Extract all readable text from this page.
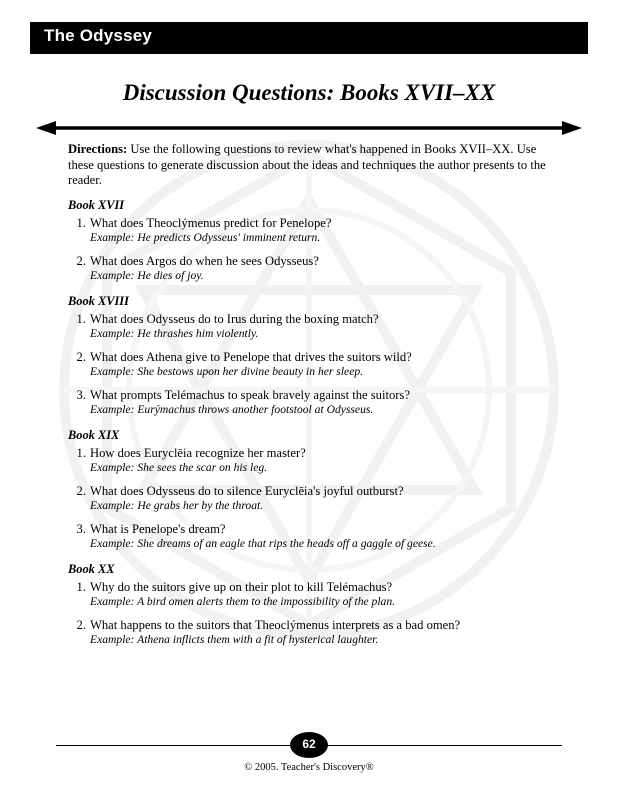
The Odyssey
Discussion Questions: Books XVII–XX
Directions: Use the following questions to review what's happened in Books XVII–XX. Use these questions to generate discussion about the ideas and techniques the author presents to the reader.
Book XVII
1. What does Theoclýmenus predict for Penelope?
Example: He predicts Odysseus' imminent return.
2. What does Argos do when he sees Odysseus?
Example: He dies of joy.
Book XVIII
1. What does Odysseus do to Irus during the boxing match?
Example: He thrashes him violently.
2. What does Athena give to Penelope that drives the suitors wild?
Example: She bestows upon her divine beauty in her sleep.
3. What prompts Telémachus to speak bravely against the suitors?
Example: Eurýmachus throws another footstool at Odysseus.
Book XIX
1. How does Euryclēia recognize her master?
Example: She sees the scar on his leg.
2. What does Odysseus do to silence Euryclēia's joyful outburst?
Example: He grabs her by the throat.
3. What is Penelope's dream?
Example: She dreams of an eagle that rips the heads off a gaggle of geese.
Book XX
1. Why do the suitors give up on their plot to kill Telémachus?
Example: A bird omen alerts them to the impossibility of the plan.
2. What happens to the suitors that Theoclýmenus interprets as a bad omen?
Example: Athena inflicts them with a fit of hysterical laughter.
62
© 2005. Teacher's Discovery®
